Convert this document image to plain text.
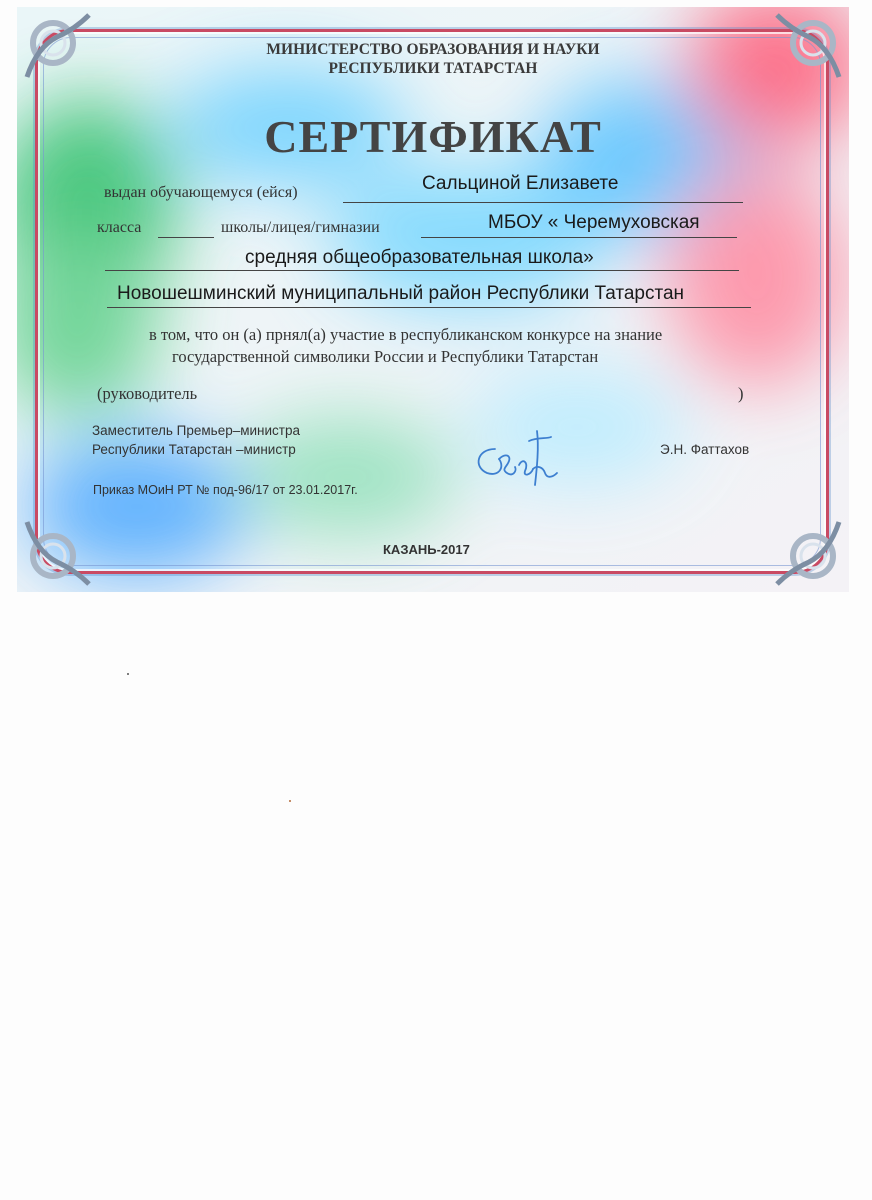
МИНИСТЕРСТВО ОБРАЗОВАНИЯ И НАУКИ
РЕСПУБЛИКИ ТАТАРСТАН
СЕРТИФИКАТ
выдан обучающемуся (ейся)	Сальциной Елизавете
класса	школы/лицея/гимназии	МБОУ « Черемуховская
средняя общеобразовательная школа»
Новошешминский муниципальный район Республики Татарстан
в том, что он (а) прнял(а) участие в республиканском конкурсе на знание
государственной символики России и Республики Татарстан
(руководитель	)
Заместитель Премьер–министра
Республики Татарстан –министр	Э.Н. Фаттахов
Приказ МОиН РТ № под-96/17 от 23.01.2017г.
КАЗАНЬ-2017
